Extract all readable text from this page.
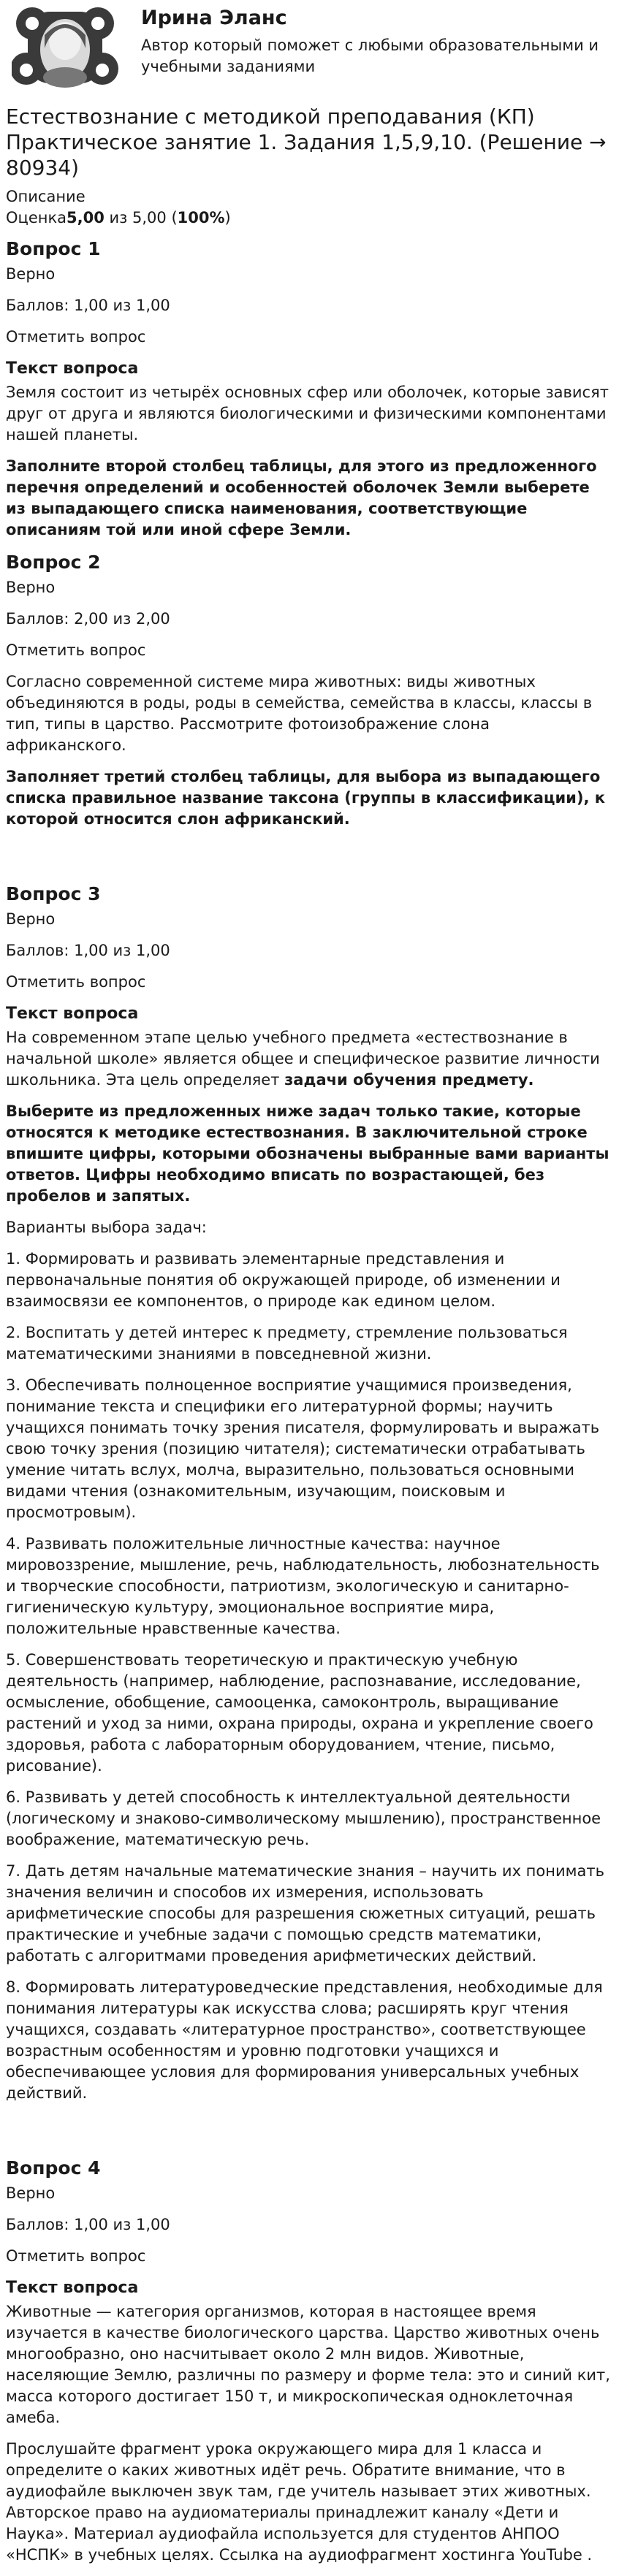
Ирина Эланс
Автор который поможет с любыми образовательными и учебными заданиями
Естествознание с методикой преподавания (КП) Практическое занятие 1. Задания 1,5,9,10. (Решение → 80934)
Описание
Оценка5,00 из 5,00 (100%)
Вопрос 1
Верно
Баллов: 1,00 из 1,00
Отметить вопрос
Текст вопроса

Земля состоит из четырёх основных сфер или оболочек, которые зависят друг от друга и являются биологическими и физическими компонентами нашей планеты.

Заполните второй столбец таблицы, для этого из предложенного перечня определений и особенностей оболочек Земли выберете из выпадающего списка наименования, соответствующие описаниям той или иной сфере Земли.

Вопрос 2
Верно
Баллов: 2,00 из 2,00
Отметить вопрос

Согласно современной системе мира животных: виды животных объединяются в роды, роды в семейства, семейства в классы, классы в тип, типы в царство. Рассмотрите фотоизображение слона африканского.

Заполняет третий столбец таблицы, для выбора из выпадающего списка правильное название таксона (группы в классификации), к которой относится слон африканский.

Вопрос 3
Верно
Баллов: 1,00 из 1,00
Отметить вопрос
Текст вопроса

На современном этапе целью учебного предмета «естествознание в начальной школе» является общее и специфическое развитие личности школьника. Эта цель определяет задачи обучения предмету.

Выберите из предложенных ниже задач только такие, которые относятся к методике естествознания. В заключительной строке впишите цифры, которыми обозначены выбранные вами варианты ответов. Цифры необходимо вписать по возрастающей, без пробелов и запятых.

Варианты выбора задач:

1. Формировать и развивать элементарные представления и первоначальные понятия об окружающей природе, об изменении и взаимосвязи ее компонентов, о природе как едином целом.

2. Воспитать у детей интерес к предмету, стремление пользоваться математическими знаниями в повседневной жизни.

3. Обеспечивать полноценное восприятие учащимися произведения, понимание текста и специфики его литературной формы; научить учащихся понимать точку зрения писателя, формулировать и выражать свою точку зрения (позицию читателя); систематически отрабатывать умение читать вслух, молча, выразительно, пользоваться основными видами чтения (ознакомительным, изучающим, поисковым и просмотровым).

4. Развивать положительные личностные качества: научное мировоззрение, мышление, речь, наблюдательность, любознательность и творческие способности, патриотизм, экологическую и санитарно-гигиеническую культуру, эмоциональное восприятие мира, положительные нравственные качества.

5. Совершенствовать теоретическую и практическую учебную деятельность (например, наблюдение, распознавание, исследование, осмысление, обобщение, самооценка, самоконтроль, выращивание растений и уход за ними, охрана природы, охрана и укрепление своего здоровья, работа с лабораторным оборудованием, чтение, письмо, рисование).

6. Развивать у детей способность к интеллектуальной деятельности (логическому и знаково-символическому мышлению), пространственное воображение, математическую речь.

7. Дать детям начальные математические знания – научить их понимать значения величин и способов их измерения, использовать арифметические способы для разрешения сюжетных ситуаций, решать практические и учебные задачи с помощью средств математики, работать с алгоритмами проведения арифметических действий.

8. Формировать литературоведческие представления, необходимые для понимания литературы как искусства слова; расширять круг чтения учащихся, создавать «литературное пространство», соответствующее возрастным особенностям и уровню подготовки учащихся и обеспечивающее условия для формирования универсальных учебных действий.

Вопрос 4
Верно
Баллов: 1,00 из 1,00
Отметить вопрос
Текст вопроса

Животные — категория организмов, которая в настоящее время изучается в качестве биологического царства. Царство животных очень многообразно, оно насчитывает около 2 млн видов. Животные, населяющие Землю, различны по размеру и форме тела: это и синий кит, масса которого достигает 150 т, и микроскопическая одноклеточная амеба.

Прослушайте фрагмент урока окружающего мира для 1 класса и определите о каких животных идёт речь. Обратите внимание, что в аудиофайле выключен звук там, где учитель называет этих животных. Авторское право на аудиоматериалы принадлежит каналу «Дети и Наука». Материал аудиофайла используется для студентов АНПОО «НСПК» в учебных целях. Ссылка на аудиофрагмент хостинга YouTube .
